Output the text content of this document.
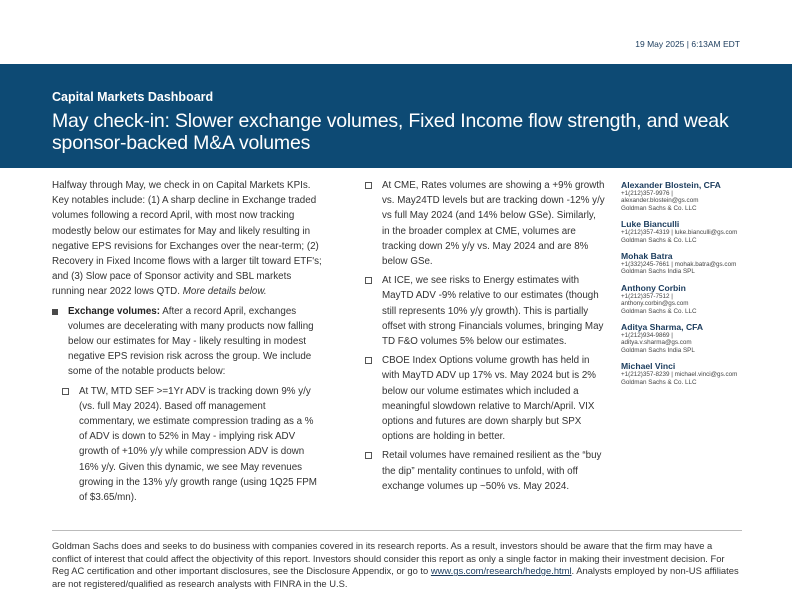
19 May 2025 | 6:13AM EDT
Capital Markets Dashboard
May check-in: Slower exchange volumes, Fixed Income flow strength, and weak sponsor-backed M&A volumes

Halfway through May, we check in on Capital Markets KPIs. Key notables include: (1) A sharp decline in Exchange traded volumes following a record April, with most now tracking modestly below our estimates for May and likely resulting in negative EPS revisions for Exchanges over the near-term; (2) Recovery in Fixed Income flows with a larger tilt toward ETF's; and (3) Slow pace of Sponsor activity and SBL markets running near 2022 lows QTD. More details below.

Exchange volumes: After a record April, exchanges volumes are decelerating with many products now falling below our estimates for May - likely resulting in modest negative EPS revision risk across the group. We include some of the notable products below:
At TW, MTD SEF >=1Yr ADV is tracking down 9% y/y (vs. full May 2024). Based off management commentary, we estimate compression trading as a % of ADV is down to 52% in May - implying risk ADV growth of +10% y/y while compression ADV is down 16% y/y. Given this dynamic, we see May revenues growing in the 13% y/y growth range (using 1Q25 FPM of $3.65/mn).
At CME, Rates volumes are showing a +9% growth vs. May24TD levels but are tracking down -12% y/y vs full May 2024 (and 14% below GSe). Similarly, in the broader complex at CME, volumes are tracking down 2% y/y vs. May 2024 and are 8% below GSe.
At ICE, we see risks to Energy estimates with MayTD ADV -9% relative to our estimates (though still represents 10% y/y growth). This is partially offset with strong Financials volumes, bringing May TD F&O volumes 5% below our estimates.
CBOE Index Options volume growth has held in with MayTD ADV up 17% vs. May 2024 but is 2% below our volume estimates which included a meaningful slowdown relative to March/April. VIX options and futures are down sharply but SPX options are holding in better.
Retail volumes have remained resilient as the “buy the dip” mentality continues to unfold, with off exchange volumes up ~50% vs. May 2024.
Alexander Blostein, CFA
+1(212)357-9976 |
alexander.blostein@gs.com
Goldman Sachs & Co. LLC
Luke Bianculli
+1(212)357-4319 | luke.bianculli@gs.com
Goldman Sachs & Co. LLC
Mohak Batra
+1(332)245-7661 | mohak.batra@gs.com
Goldman Sachs India SPL
Anthony Corbin
+1(212)357-7512 |
anthony.corbin@gs.com
Goldman Sachs & Co. LLC
Aditya Sharma, CFA
+1(212)934-9869 |
aditya.v.sharma@gs.com
Goldman Sachs India SPL
Michael Vinci
+1(212)357-8239 | michael.vinci@gs.com
Goldman Sachs & Co. LLC

Goldman Sachs does and seeks to do business with companies covered in its research reports. As a result, investors should be aware that the firm may have a conflict of interest that could affect the objectivity of this report. Investors should consider this report as only a single factor in making their investment decision. For Reg AC certification and other important disclosures, see the Disclosure Appendix, or go to www.gs.com/research/hedge.html. Analysts employed by non-US affiliates are not registered/qualified as research analysts with FINRA in the U.S.
